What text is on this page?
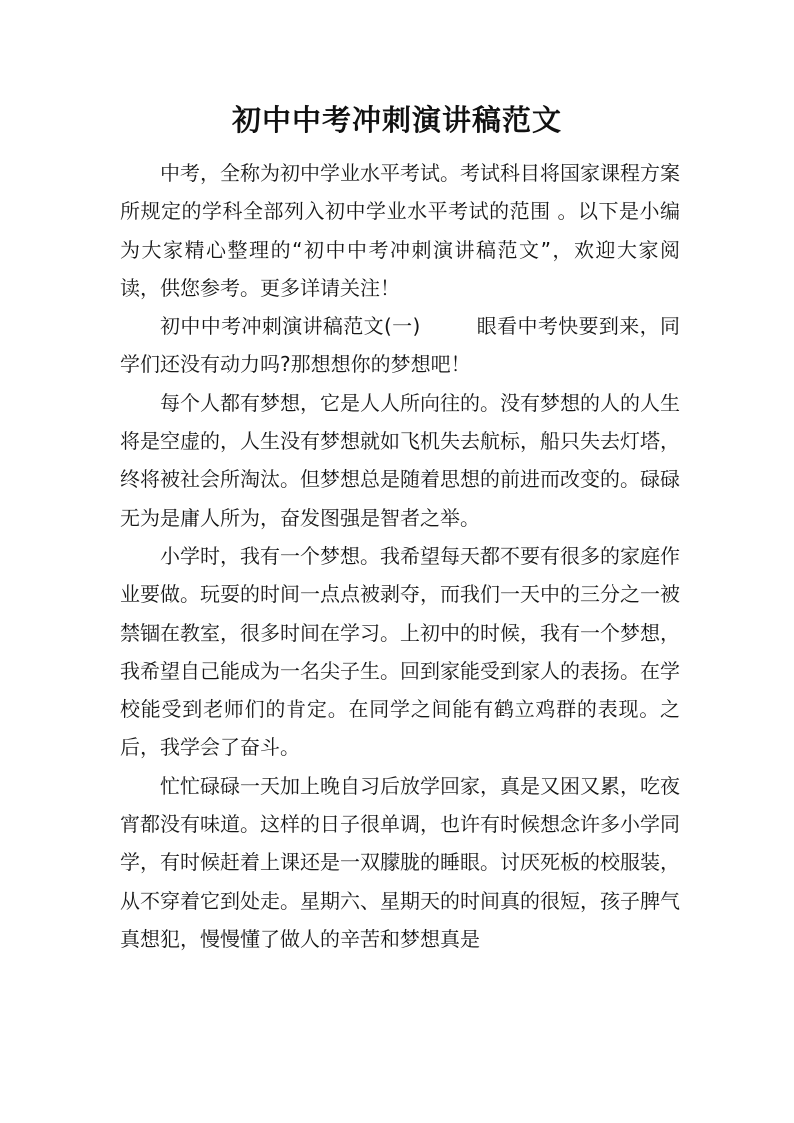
初中中考冲刺演讲稿范文

中考，全称为初中学业水平考试。考试科目将国家课程方案所规定的学科全部列入初中学业水平考试的范围 。以下是小编为大家精心整理的“初中中考冲刺演讲稿范文”，欢迎大家阅读，供您参考。更多详请关注！

初中中考冲刺演讲稿范文(一)	眼看中考快要到来，同学们还没有动力吗?那想想你的梦想吧！

每个人都有梦想，它是人人所向往的。没有梦想的人的人生将是空虚的，人生没有梦想就如飞机失去航标，船只失去灯塔，终将被社会所淘汰。但梦想总是随着思想的前进而改变的。碌碌无为是庸人所为，奋发图强是智者之举。

小学时，我有一个梦想。我希望每天都不要有很多的家庭作业要做。玩耍的时间一点点被剥夺，而我们一天中的三分之一被禁锢在教室，很多时间在学习。上初中的时候，我有一个梦想，我希望自己能成为一名尖子生。回到家能受到家人的表扬。在学校能受到老师们的肯定。在同学之间能有鹤立鸡群的表现。之后，我学会了奋斗。

忙忙碌碌一天加上晚自习后放学回家，真是又困又累，吃夜宵都没有味道。这样的日子很单调，也许有时候想念许多小学同学，有时候赶着上课还是一双朦胧的睡眼。讨厌死板的校服装，从不穿着它到处走。星期六、星期天的时间真的很短，孩子脾气真想犯，慢慢懂了做人的辛苦和梦想真是
